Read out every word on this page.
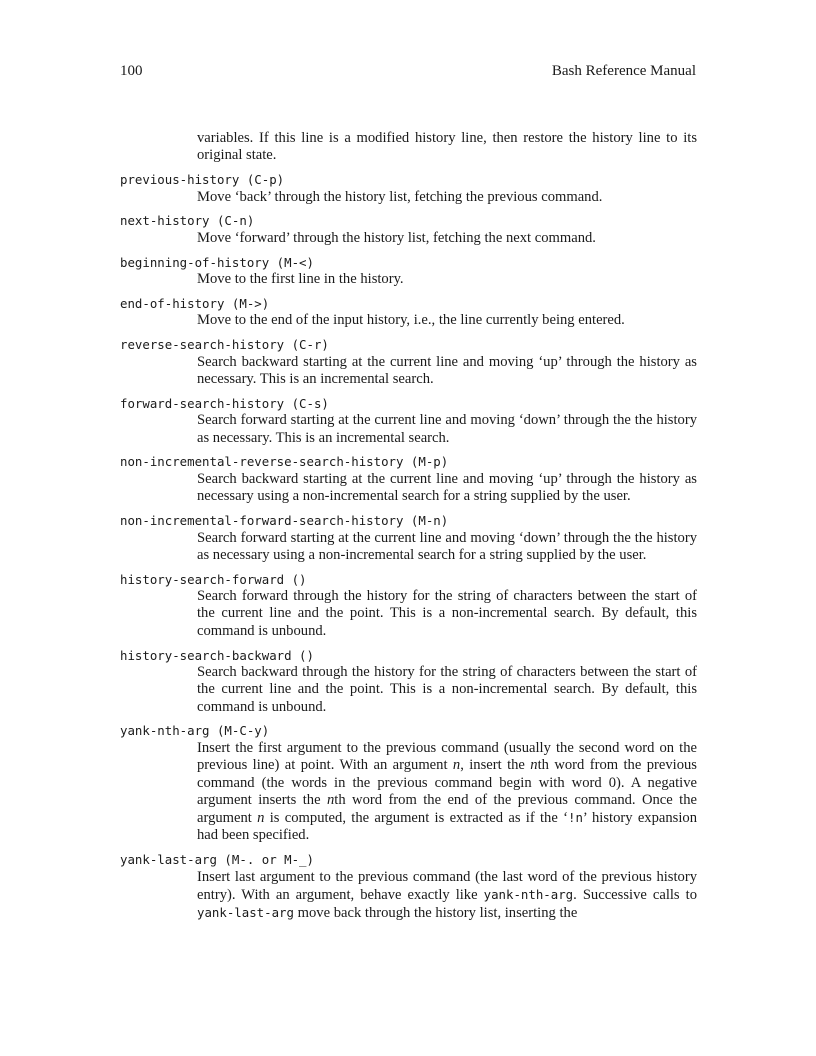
100	Bash Reference Manual
variables. If this line is a modified history line, then restore the history line to its original state.
previous-history (C-p)
Move ‘back’ through the history list, fetching the previous command.
next-history (C-n)
Move ‘forward’ through the history list, fetching the next command.
beginning-of-history (M-<)
Move to the first line in the history.
end-of-history (M->)
Move to the end of the input history, i.e., the line currently being entered.
reverse-search-history (C-r)
Search backward starting at the current line and moving ‘up’ through the history as necessary. This is an incremental search.
forward-search-history (C-s)
Search forward starting at the current line and moving ‘down’ through the the history as necessary. This is an incremental search.
non-incremental-reverse-search-history (M-p)
Search backward starting at the current line and moving ‘up’ through the history as necessary using a non-incremental search for a string supplied by the user.
non-incremental-forward-search-history (M-n)
Search forward starting at the current line and moving ‘down’ through the the history as necessary using a non-incremental search for a string supplied by the user.
history-search-forward ()
Search forward through the history for the string of characters between the start of the current line and the point. This is a non-incremental search. By default, this command is unbound.
history-search-backward ()
Search backward through the history for the string of characters between the start of the current line and the point. This is a non-incremental search. By default, this command is unbound.
yank-nth-arg (M-C-y)
Insert the first argument to the previous command (usually the second word on the previous line) at point. With an argument n, insert the nth word from the previous command (the words in the previous command begin with word 0). A negative argument inserts the nth word from the end of the previous command. Once the argument n is computed, the argument is extracted as if the ‘!n’ history expansion had been specified.
yank-last-arg (M-. or M-_)
Insert last argument to the previous command (the last word of the previous history entry). With an argument, behave exactly like yank-nth-arg. Successive calls to yank-last-arg move back through the history list, inserting the
